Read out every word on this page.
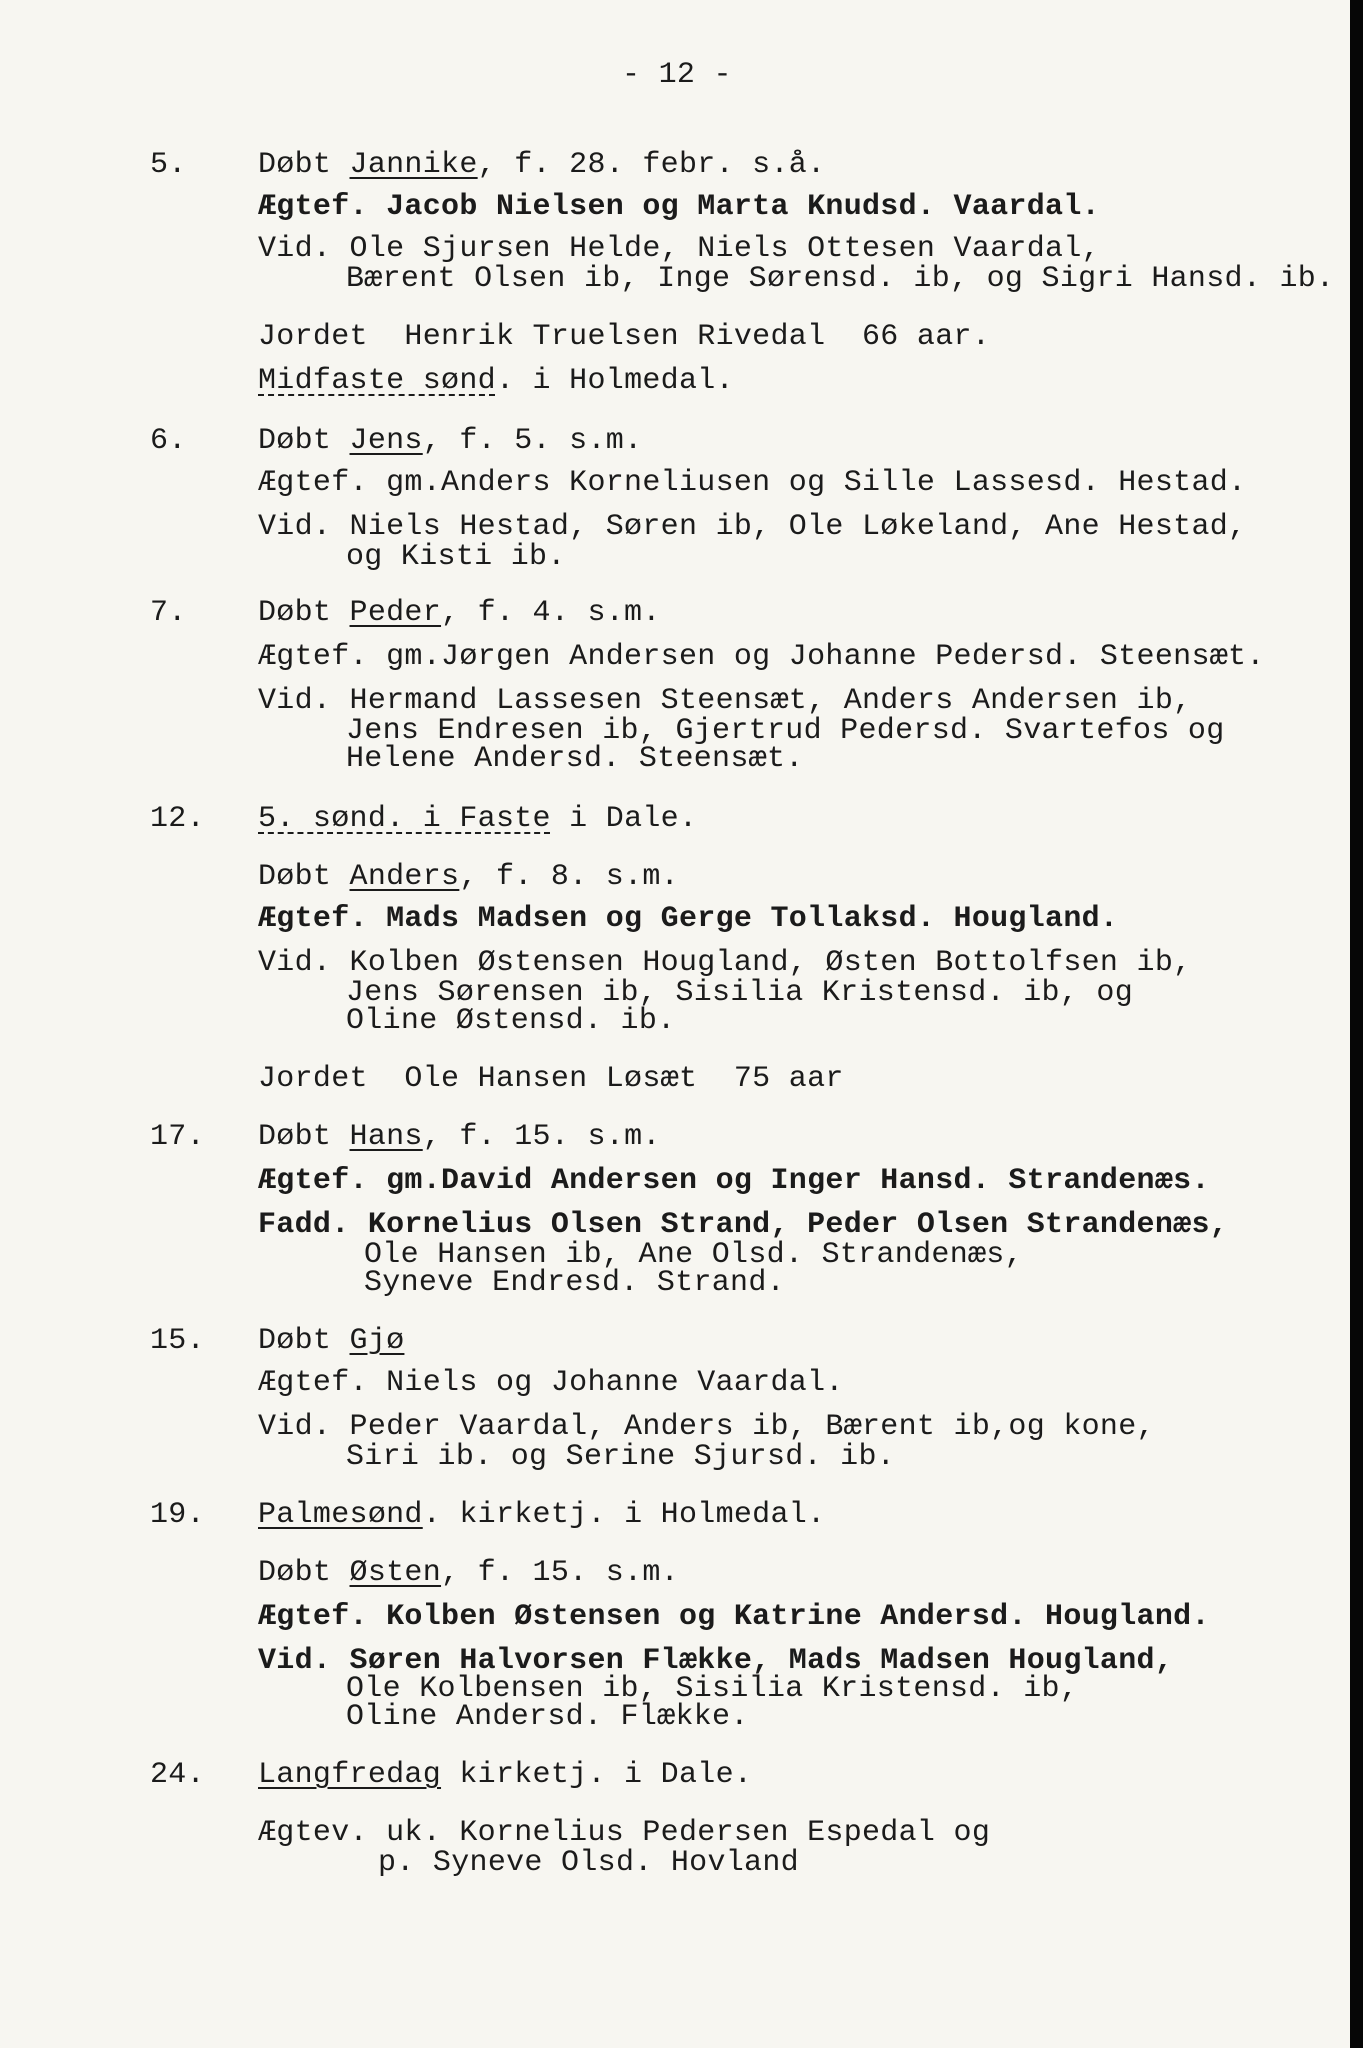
- 12 -
5. Døbt Jannike, f. 28. febr. s.å.
Ægtef. Jacob Nielsen og Marta Knudsd. Vaardal.
Vid. Ole Sjursen Helde, Niels Ottesen Vaardal,
Bærent Olsen ib, Inge Sørensd. ib, og Sigri Hansd. ib.
Jordet  Henrik Truelsen Rivedal  66 aar.
Midfaste sønd. i Holmedal.
6. Døbt Jens, f. 5. s.m.
Ægtef. gm.Anders Korneliusen og Sille Lassesd. Hestad.
Vid. Niels Hestad, Søren ib, Ole Løkeland, Ane Hestad,
og Kisti ib.
7. Døbt Peder, f. 4. s.m.
Ægtef. gm.Jørgen Andersen og Johanne Pedersd. Steensæt.
Vid. Hermand Lassesen Steensæt, Anders Andersen ib,
Jens Endresen ib, Gjertrud Pedersd. Svartefos og
Helene Andersd. Steensæt.
12. 5. sønd. i Faste i Dale.
Døbt Anders, f. 8. s.m.
Ægtef. Mads Madsen og Gerge Tollaksd. Hougland.
Vid. Kolben Østensen Hougland, Østen Bottolfsen ib,
Jens Sørensen ib, Sisilia Kristensd. ib, og
Oline Østensd. ib.
Jordet  Ole Hansen Løsæt  75 aar
17. Døbt Hans, f. 15. s.m.
Ægtef. gm.David Andersen og Inger Hansd. Strandenæs.
Fadd. Kornelius Olsen Strand, Peder Olsen Strandenæs,
Ole Hansen ib, Ane Olsd. Strandenæs,
Syneve Endresd. Strand.
15. Døbt Gjø
Ægtef. Niels og Johanne Vaardal.
Vid. Peder Vaardal, Anders ib, Bærent ib,og kone,
Siri ib. og Serine Sjursd. ib.
19. Palmesønd. kirketj. i Holmedal.
Døbt Østen, f. 15. s.m.
Ægtef. Kolben Østensen og Katrine Andersd. Hougland.
Vid. Søren Halvorsen Flække, Mads Madsen Hougland,
Ole Kolbensen ib, Sisilia Kristensd. ib,
Oline Andersd. Flække.
24. Langfredag kirketj. i Dale.
Ægtev. uk. Kornelius Pedersen Espedal og
p. Syneve Olsd. Hovland
